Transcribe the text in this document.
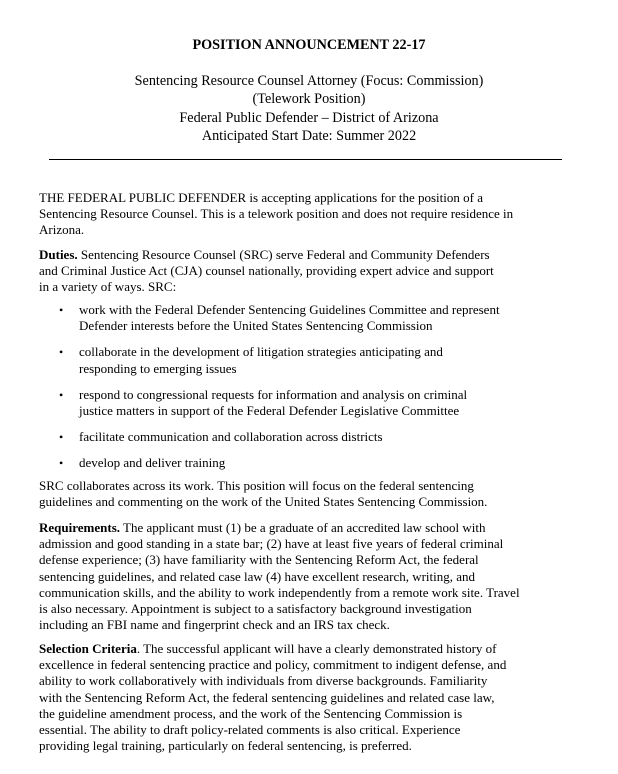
POSITION ANNOUNCEMENT 22-17
Sentencing Resource Counsel Attorney (Focus: Commission)
(Telework Position)
Federal Public Defender – District of Arizona
Anticipated Start Date: Summer 2022
THE FEDERAL PUBLIC DEFENDER is accepting applications for the position of a
Sentencing Resource Counsel. This is a telework position and does not require residence in
Arizona.
Duties. Sentencing Resource Counsel (SRC) serve Federal and Community Defenders
and Criminal Justice Act (CJA) counsel nationally, providing expert advice and support
in a variety of ways. SRC:
• work with the Federal Defender Sentencing Guidelines Committee and represent
Defender interests before the United States Sentencing Commission
• collaborate in the development of litigation strategies anticipating and
responding to emerging issues
• respond to congressional requests for information and analysis on criminal
justice matters in support of the Federal Defender Legislative Committee
• facilitate communication and collaboration across districts
• develop and deliver training
SRC collaborates across its work. This position will focus on the federal sentencing
guidelines and commenting on the work of the United States Sentencing Commission.
Requirements. The applicant must (1) be a graduate of an accredited law school with
admission and good standing in a state bar; (2) have at least five years of federal criminal
defense experience; (3) have familiarity with the Sentencing Reform Act, the federal
sentencing guidelines, and related case law (4) have excellent research, writing, and
communication skills, and the ability to work independently from a remote work site. Travel
is also necessary. Appointment is subject to a satisfactory background investigation
including an FBI name and fingerprint check and an IRS tax check.
Selection Criteria. The successful applicant will have a clearly demonstrated history of
excellence in federal sentencing practice and policy, commitment to indigent defense, and
ability to work collaboratively with individuals from diverse backgrounds. Familiarity
with the Sentencing Reform Act, the federal sentencing guidelines and related case law,
the guideline amendment process, and the work of the Sentencing Commission is
essential. The ability to draft policy-related comments is also critical. Experience
providing legal training, particularly on federal sentencing, is preferred.
